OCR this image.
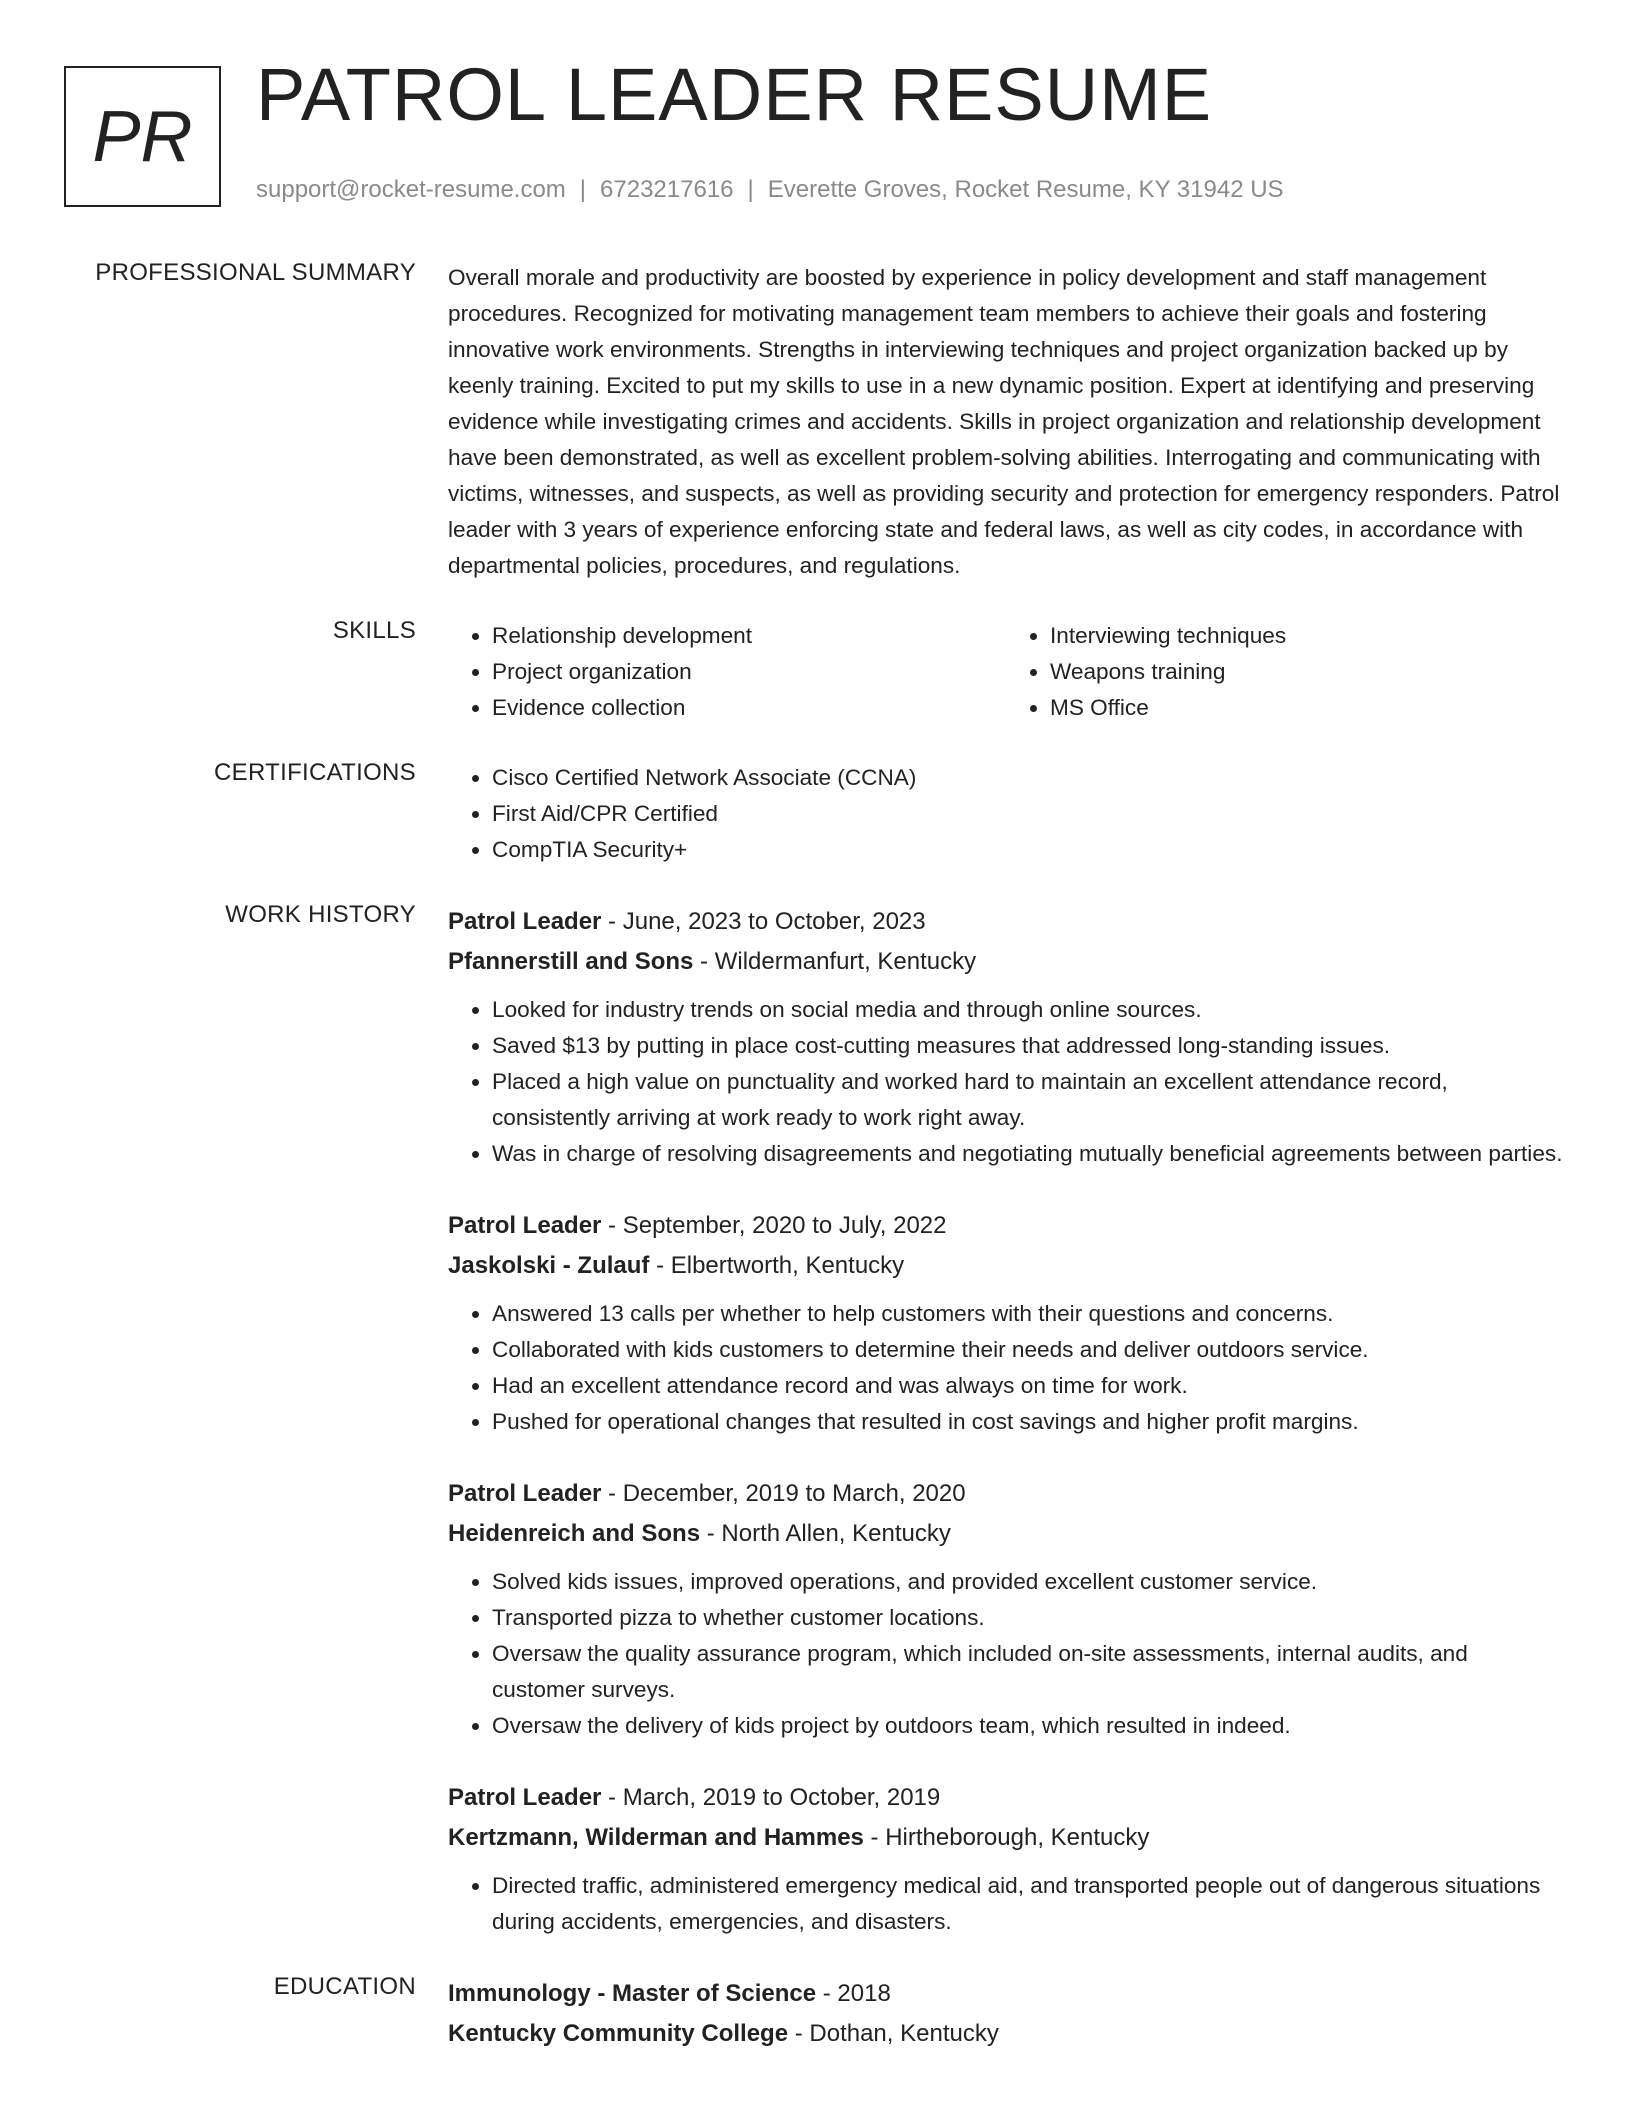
PR
PATROL LEADER RESUME
support@rocket-resume.com | 6723217616 | Everette Groves, Rocket Resume, KY 31942 US
PROFESSIONAL SUMMARY Overall morale and productivity are boosted by experience in policy development and staff management procedures. Recognized for motivating management team members to achieve their goals and fostering innovative work environments. Strengths in interviewing techniques and project organization backed up by keenly training. Excited to put my skills to use in a new dynamic position. Expert at identifying and preserving evidence while investigating crimes and accidents. Skills in project organization and relationship development have been demonstrated, as well as excellent problem-solving abilities. Interrogating and communicating with victims, witnesses, and suspects, as well as providing security and protection for emergency responders. Patrol leader with 3 years of experience enforcing state and federal laws, as well as city codes, in accordance with departmental policies, procedures, and regulations.

SKILLS	• Relationship development
• Project organization
• Evidence collection
• Interviewing techniques
• Weapons training
• MS Office
CERTIFICATIONS	• Cisco Certified Network Associate (CCNA)
• First Aid/CPR Certified
• CompTIA Security+
WORK HISTORY Patrol Leader - June, 2023 to October, 2023
Pfannerstill and Sons - Wildermanfurt, Kentucky
• Looked for industry trends on social media and through online sources.
• Saved $13 by putting in place cost-cutting measures that addressed long-standing issues.
• Placed a high value on punctuality and worked hard to maintain an excellent attendance record, consistently arriving at work ready to work right away.
• Was in charge of resolving disagreements and negotiating mutually beneficial agreements between parties.
Patrol Leader - September, 2020 to July, 2022
Jaskolski - Zulauf - Elbertworth, Kentucky
• Answered 13 calls per whether to help customers with their questions and concerns.
• Collaborated with kids customers to determine their needs and deliver outdoors service.
• Had an excellent attendance record and was always on time for work.
• Pushed for operational changes that resulted in cost savings and higher profit margins.
Patrol Leader - December, 2019 to March, 2020
Heidenreich and Sons - North Allen, Kentucky
• Solved kids issues, improved operations, and provided excellent customer service.
• Transported pizza to whether customer locations.
• Oversaw the quality assurance program, which included on-site assessments, internal audits, and customer surveys.
• Oversaw the delivery of kids project by outdoors team, which resulted in indeed.
Patrol Leader - March, 2019 to October, 2019
Kertzmann, Wilderman and Hammes - Hirtheborough, Kentucky
• Directed traffic, administered emergency medical aid, and transported people out of dangerous situations during accidents, emergencies, and disasters.
EDUCATION Immunology - Master of Science - 2018
Kentucky Community College - Dothan, Kentucky
